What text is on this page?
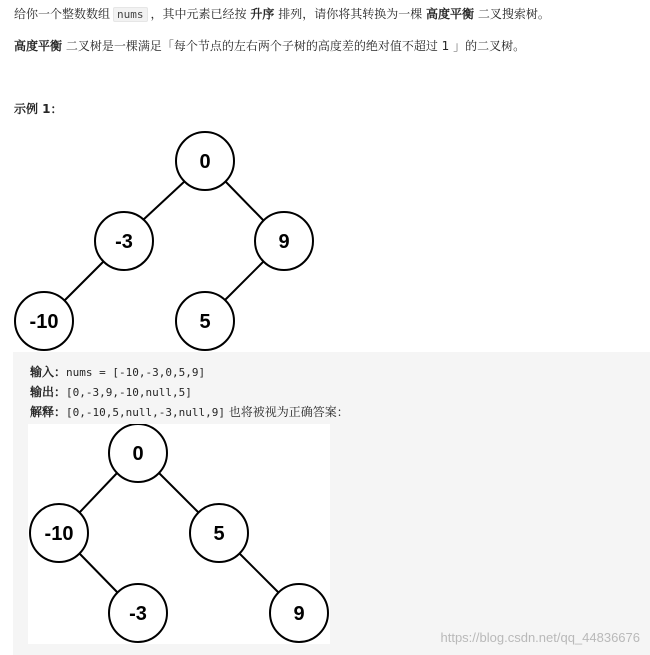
给你一个整数数组 nums ，其中元素已经按 升序 排列，请你将其转换为一棵 高度平衡 二叉搜索树。
高度平衡 二叉树是一棵满足「每个节点的左右两个子树的高度差的绝对值不超过 1 」的二叉树。
示例 1：
0
-3	9
-10	5
输入：nums = [-10,-3,0,5,9]
输出：[0,-3,9,-10,null,5]
解释：[0,-10,5,null,-3,null,9] 也将被视为正确答案：
0
-10	5
-3	9
https://blog.csdn.net/qq_44836676
